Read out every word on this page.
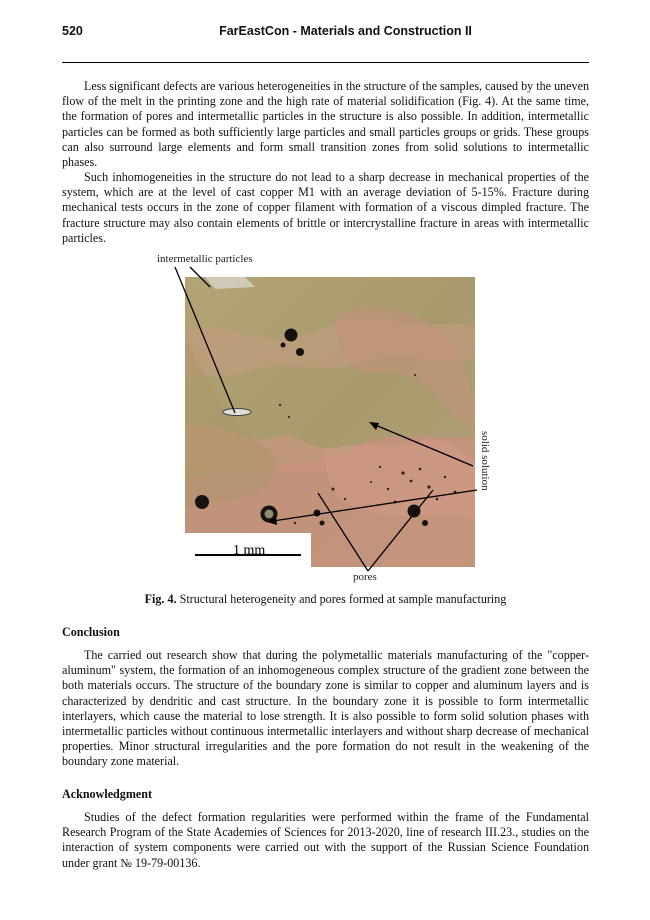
520	FarEastCon - Materials and Construction II

Less significant defects are various heterogeneities in the structure of the samples, caused by the uneven flow of the melt in the printing zone and the high rate of material solidification (Fig. 4). At the same time, the formation of pores and intermetallic particles in the structure is also possible. In addition, intermetallic particles can be formed as both sufficiently large particles and small particles groups or grids. These groups can also surround large elements and form small transition zones from solid solutions to intermetallic phases.

Such inhomogeneities in the structure do not lead to a sharp decrease in mechanical properties of the system, which are at the level of cast copper M1 with an average deviation of 5-15%. Fracture during mechanical tests occurs in the zone of copper filament with formation of a viscous dimpled fracture. The fracture structure may also contain elements of brittle or intercrystalline fracture in areas with intermetallic particles.

intermetallic particles
1 mm
solid solution
pores
Fig. 4. Structural heterogeneity and pores formed at sample manufacturing
Conclusion

The carried out research show that during the polymetallic materials manufacturing of the "copper-aluminum" system, the formation of an inhomogeneous complex structure of the gradient zone between the both materials occurs. The structure of the boundary zone is similar to copper and aluminum layers and is characterized by dendritic and cast structure. In the boundary zone it is possible to form intermetallic interlayers, which cause the material to lose strength. It is also possible to form solid solution phases with intermetallic particles without continuous intermetallic interlayers and without sharp decrease of mechanical properties. Minor structural irregularities and the pore formation do not result in the weakening of the boundary zone material.

Acknowledgment

Studies of the defect formation regularities were performed within the frame of the Fundamental Research Program of the State Academies of Sciences for 2013-2020, line of research III.23., studies on the interaction of system components were carried out with the support of the Russian Science Foundation under grant № 19-79-00136.
